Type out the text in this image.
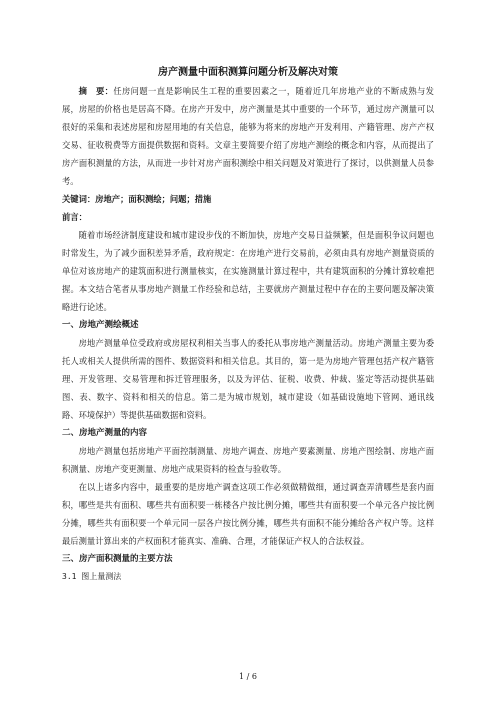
房产测量中面积测算问题分析及解决对策

摘　要：任房问题一直是影响民生工程的重要因素之一，随着近几年房地产业的不断成熟与发展，房屋的价格也是居高不降。在房产开发中，房产测量是其中重要的一个环节，通过房产测量可以很好的采集和表述房屋和房屋用地的有关信息，能够为将来的房地产开发利用、产籍管理、房产产权交易、征收税费等方面提供数据和资料。文章主要简要介绍了房地产测绘的概念和内容，从而提出了房产面积测量的方法，从而进一步针对房产面积测绘中相关问题及对策进行了探讨，以供测量人员参考。

关键词：房地产；面积测绘；问题；措施

前言：

随着市场经济制度建设和城市建设步伐的不断加快，房地产交易日益频繁，但是面积争议问题也时常发生，为了减少面积差异矛盾，政府规定：在房地产进行交易前，必须由具有房地产测量资质的单位对该房地产的建筑面积进行测量核实，在实施测量计算过程中，共有建筑面积的分摊计算较难把握。本文结合笔者从事房地产测量工作经验和总结，主要就房产测量过程中存在的主要问题及解决策略进行论述。

一、房地产测绘概述

房地产测量单位受政府或房屋权利相关当事人的委托从事房地产测量活动。房地产测量主要为委托人或相关人提供所需的图件、数据资料和相关信息。其目的，第一是为房地产管理包括产权产籍管理、开发管理、交易管理和拆迁管理服务，以及为评估、征税、收费、仲裁、鉴定等活动提供基础图、表、数字、资料和相关的信息。第二是为城市规划，城市建设（如基础设施地下管网、通讯线路、环境保护）等提供基础数据和资料。

二、房地产测量的内容

房地产测量包括房地产平面控制测量、房地产调查、房地产要素测量、房地产图绘制、房地产面积测量、房地产变更测量、房地产成果资料的检查与验收等。

在以上诸多内容中，最重要的是房地产调查这项工作必须做精做细，通过调查弄清哪些是套内面积，哪些是共有面积、哪些共有面积要一栋楼各户按比例分摊，哪些共有面积要一个单元各户按比例分摊，哪些共有面积要一个单元同一层各户按比例分摊，哪些共有面积不能分摊给各产权户等。这样最后测量计算出来的产权面积才能真实、准确、合理，才能保证产权人的合法权益。

三、房产面积测量的主要方法

3.1 图上量测法

1 / 6
